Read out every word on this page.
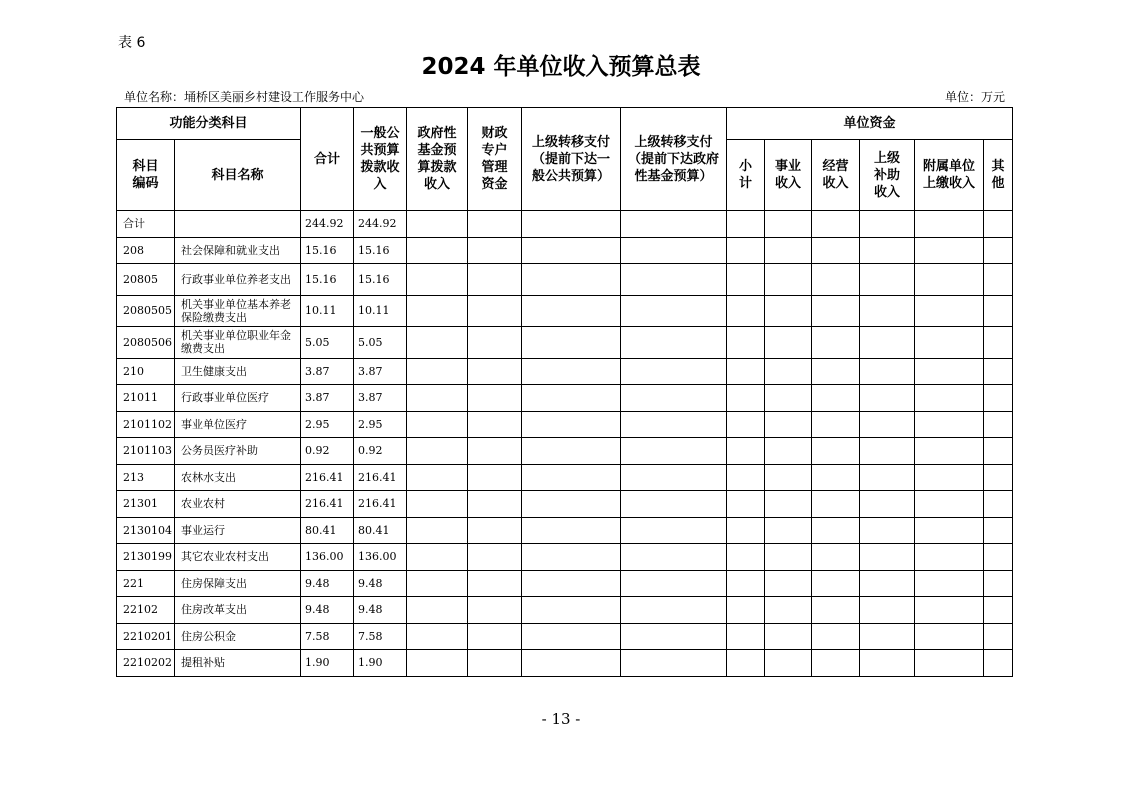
表 6
2024 年单位收入预算总表
单位名称：埇桥区美丽乡村建设工作服务中心	单位：万元
功能分类科目		合计	一般公共预算拨款收入	政府性基金预算拨款收入	财政专户管理资金	上级转移支付（提前下达一般公共预算）	上级转移支付（提前下达政府性基金预算）	单位资金					
科目编码	科目名称							小计	事业收入	经营收入	上级补助收入	附属单位上缴收入	其他
合计		244.92	244.92										
208	社会保障和就业支出	15.16	15.16										
20805	行政事业单位养老支出	15.16	15.16										
2080505	机关事业单位基本养老保险缴费支出	10.11	10.11										
2080506	机关事业单位职业年金缴费支出	5.05	5.05										
210	卫生健康支出	3.87	3.87										
21011	行政事业单位医疗	3.87	3.87										
2101102	事业单位医疗	2.95	2.95										
2101103	公务员医疗补助	0.92	0.92										
213	农林水支出	216.41	216.41										
21301	农业农村	216.41	216.41										
2130104	事业运行	80.41	80.41										
2130199	其它农业农村支出	136.00	136.00										
221	住房保障支出	9.48	9.48										
22102	住房改革支出	9.48	9.48										
2210201	住房公积金	7.58	7.58										
2210202	提租补贴	1.90	1.90										
- 13 -
